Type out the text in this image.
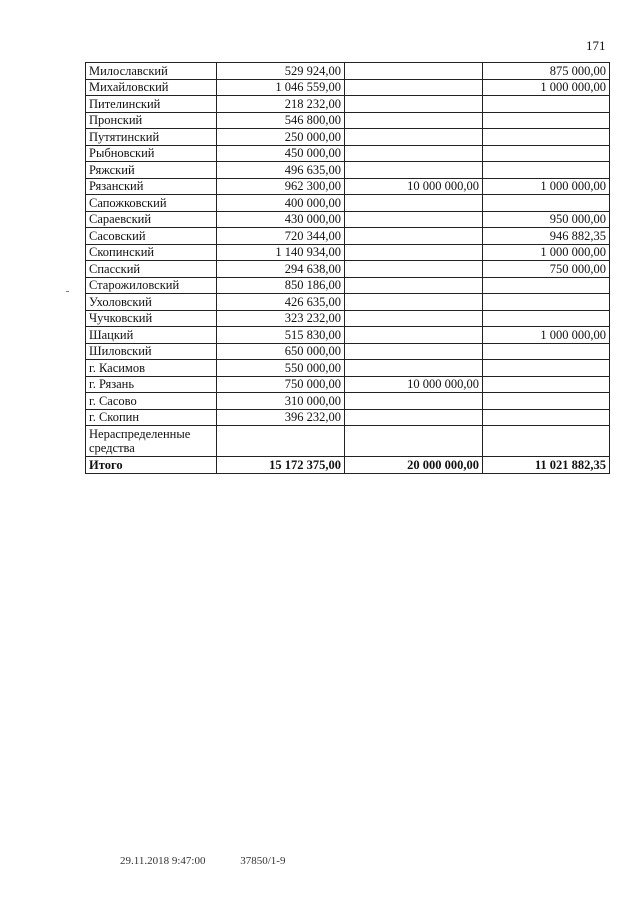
171
Милославский	529 924,00		875 000,00
Михайловский	1 046 559,00		1 000 000,00
Пителинский	218 232,00		
Пронский	546 800,00		
Путятинский	250 000,00		
Рыбновский	450 000,00		
Ряжский	496 635,00		
Рязанский	962 300,00	10 000 000,00	1 000 000,00
Сапожковский	400 000,00		
Сараевский	430 000,00		950 000,00
Сасовский	720 344,00		946 882,35
Скопинский	1 140 934,00		1 000 000,00
Спасский	294 638,00		750 000,00
Старожиловский	850 186,00		
Ухоловский	426 635,00		
Чучковский	323 232,00		
Шацкий	515 830,00		1 000 000,00
Шиловский	650 000,00		
г. Касимов	550 000,00		
г. Рязань	750 000,00	10 000 000,00	
г. Сасово	310 000,00		
г. Скопин	396 232,00		
Нераспределенные средства			
Итого	15 172 375,00	20 000 000,00	11 021 882,35
29.11.2018 9:47:00	37850/1-9
